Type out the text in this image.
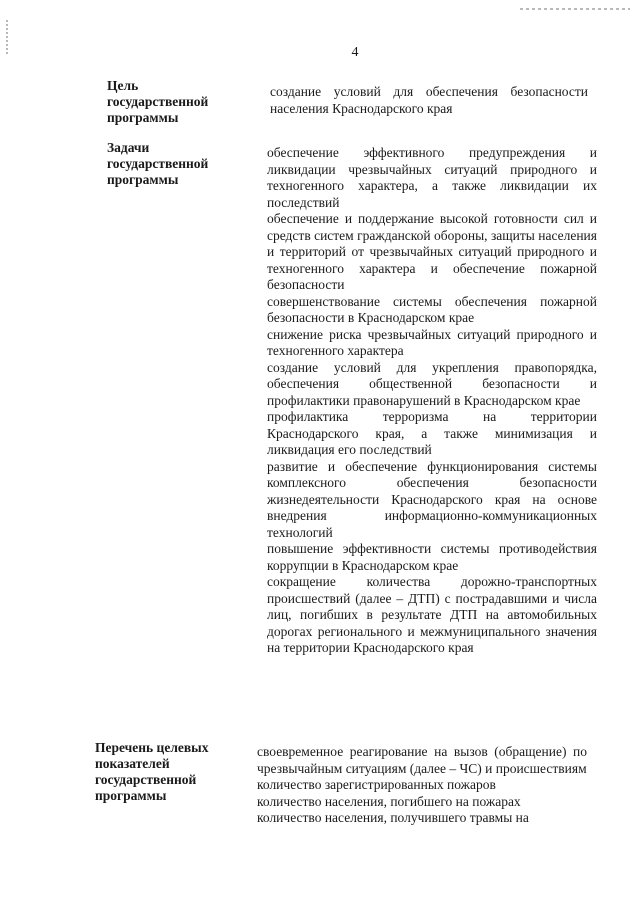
4
Цель
государственной
программы

создание условий для обеспечения безопасности населения Краснодарского края

Задачи
государственной
программы

обеспечение эффективного предупреждения и ликвидации чрезвычайных ситуаций природного и техногенного характера, а также ликвидации их последствий

обеспечение и поддержание высокой готовности сил и средств систем гражданской обороны, защиты населения и территорий от чрезвычайных ситуаций природного и техногенного характера и обеспечение пожарной безопасности

совершенствование системы обеспечения пожарной безопасности в Краснодарском крае

снижение риска чрезвычайных ситуаций природного и техногенного характера

создание условий для укрепления правопорядка, обеспечения общественной безопасности и профилактики правонарушений в Краснодарском крае

профилактика терроризма на территории Краснодарского края, а также минимизация и ликвидация его последствий

развитие и обеспечение функционирования системы комплексного обеспечения безопасности жизнедеятельности Краснодарского края на основе внедрения информационно-коммуникационных технологий

повышение эффективности системы противодействия коррупции в Краснодарском крае

сокращение количества дорожно-транспортных происшествий (далее – ДТП) с пострадавшими и числа лиц, погибших в результате ДТП на автомобильных дорогах регионального и межмуниципального значения на территории Краснодарского края

Перечень целевых
показателей
государственной
программы

своевременное реагирование на вызов (обращение) по чрезвычайным ситуациям (далее – ЧС) и происшествиям

количество зарегистрированных пожаров

количество населения, погибшего на пожарах

количество населения, получившего травмы на
